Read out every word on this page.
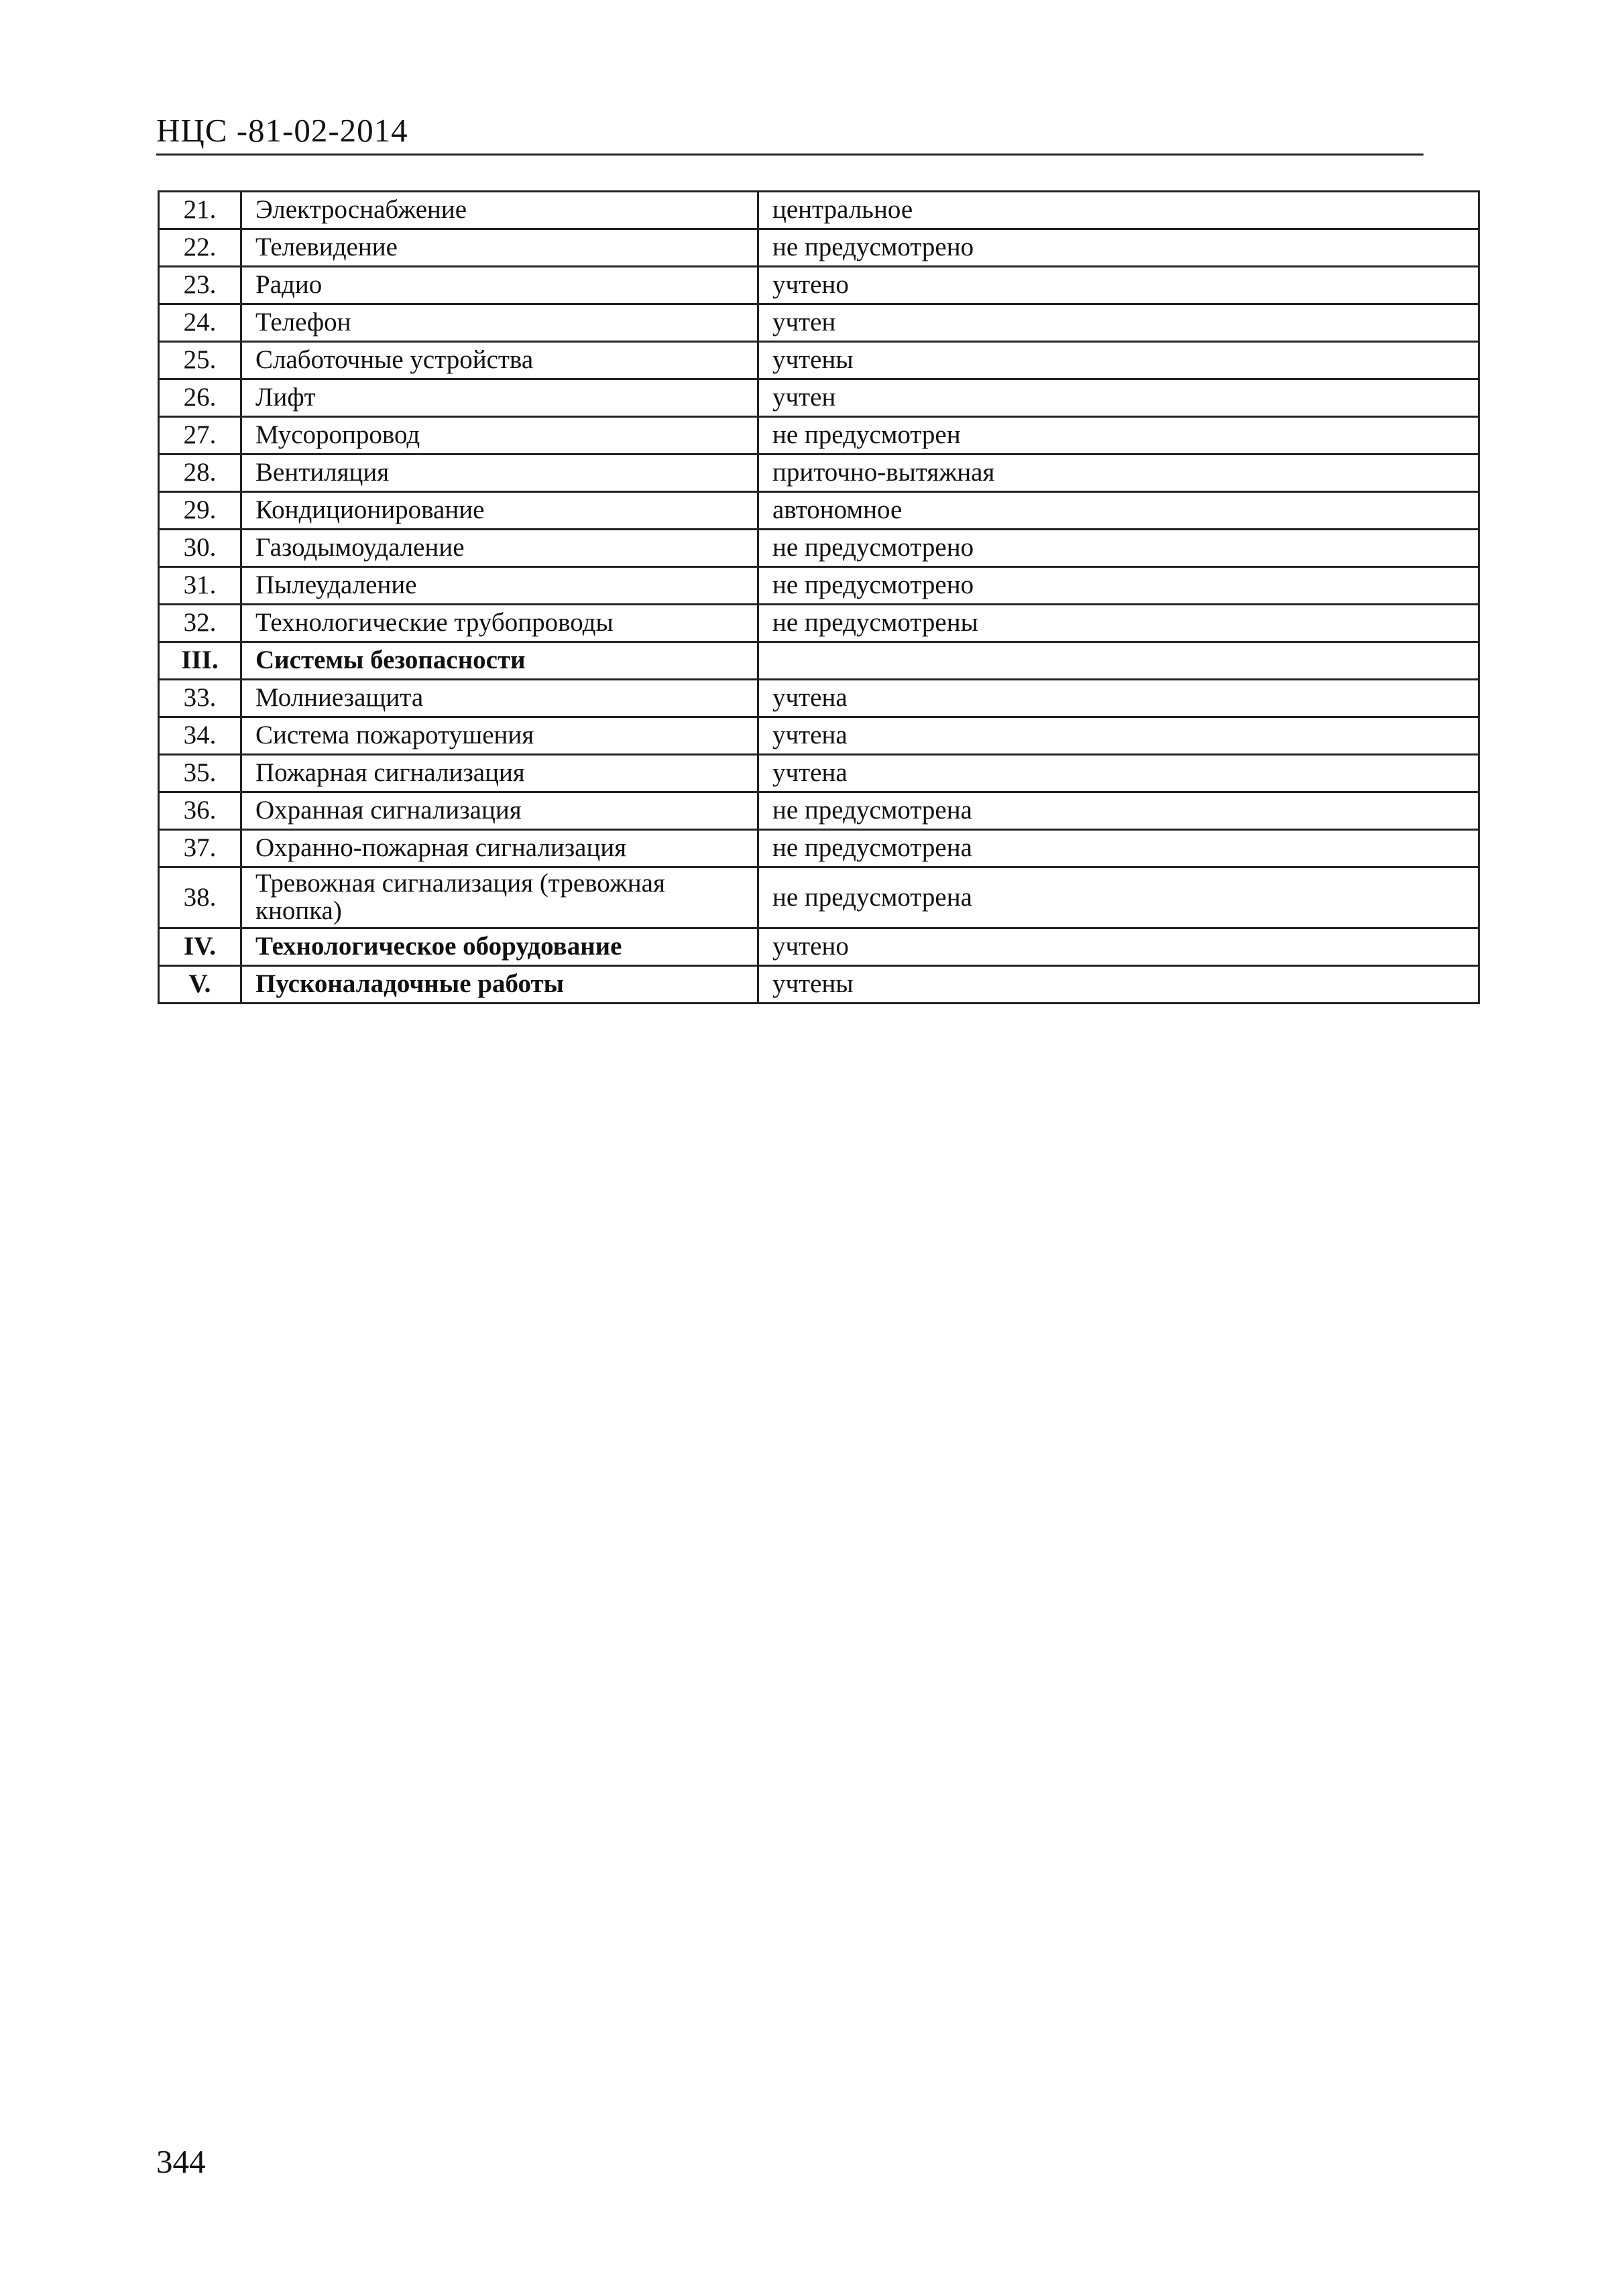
НЦС -81-02-2014
21.	Электроснабжение	центральное
22.	Телевидение	не предусмотрено
23.	Радио	учтено
24.	Телефон	учтен
25.	Слаботочные устройства	учтены
26.	Лифт	учтен
27.	Мусоропровод	не предусмотрен
28.	Вентиляция	приточно-вытяжная
29.	Кондиционирование	автономное
30.	Газодымоудаление	не предусмотрено
31.	Пылеудаление	не предусмотрено
32.	Технологические трубопроводы	не предусмотрены
III.	Системы безопасности	
33.	Молниезащита	учтена
34.	Система пожаротушения	учтена
35.	Пожарная сигнализация	учтена
36.	Охранная сигнализация	не предусмотрена
37.	Охранно-пожарная сигнализация	не предусмотрена
38.	Тревожная сигнализация (тревожная кнопка)	не предусмотрена
IV.	Технологическое оборудование	учтено
V.	Пусконаладочные работы	учтены
344
